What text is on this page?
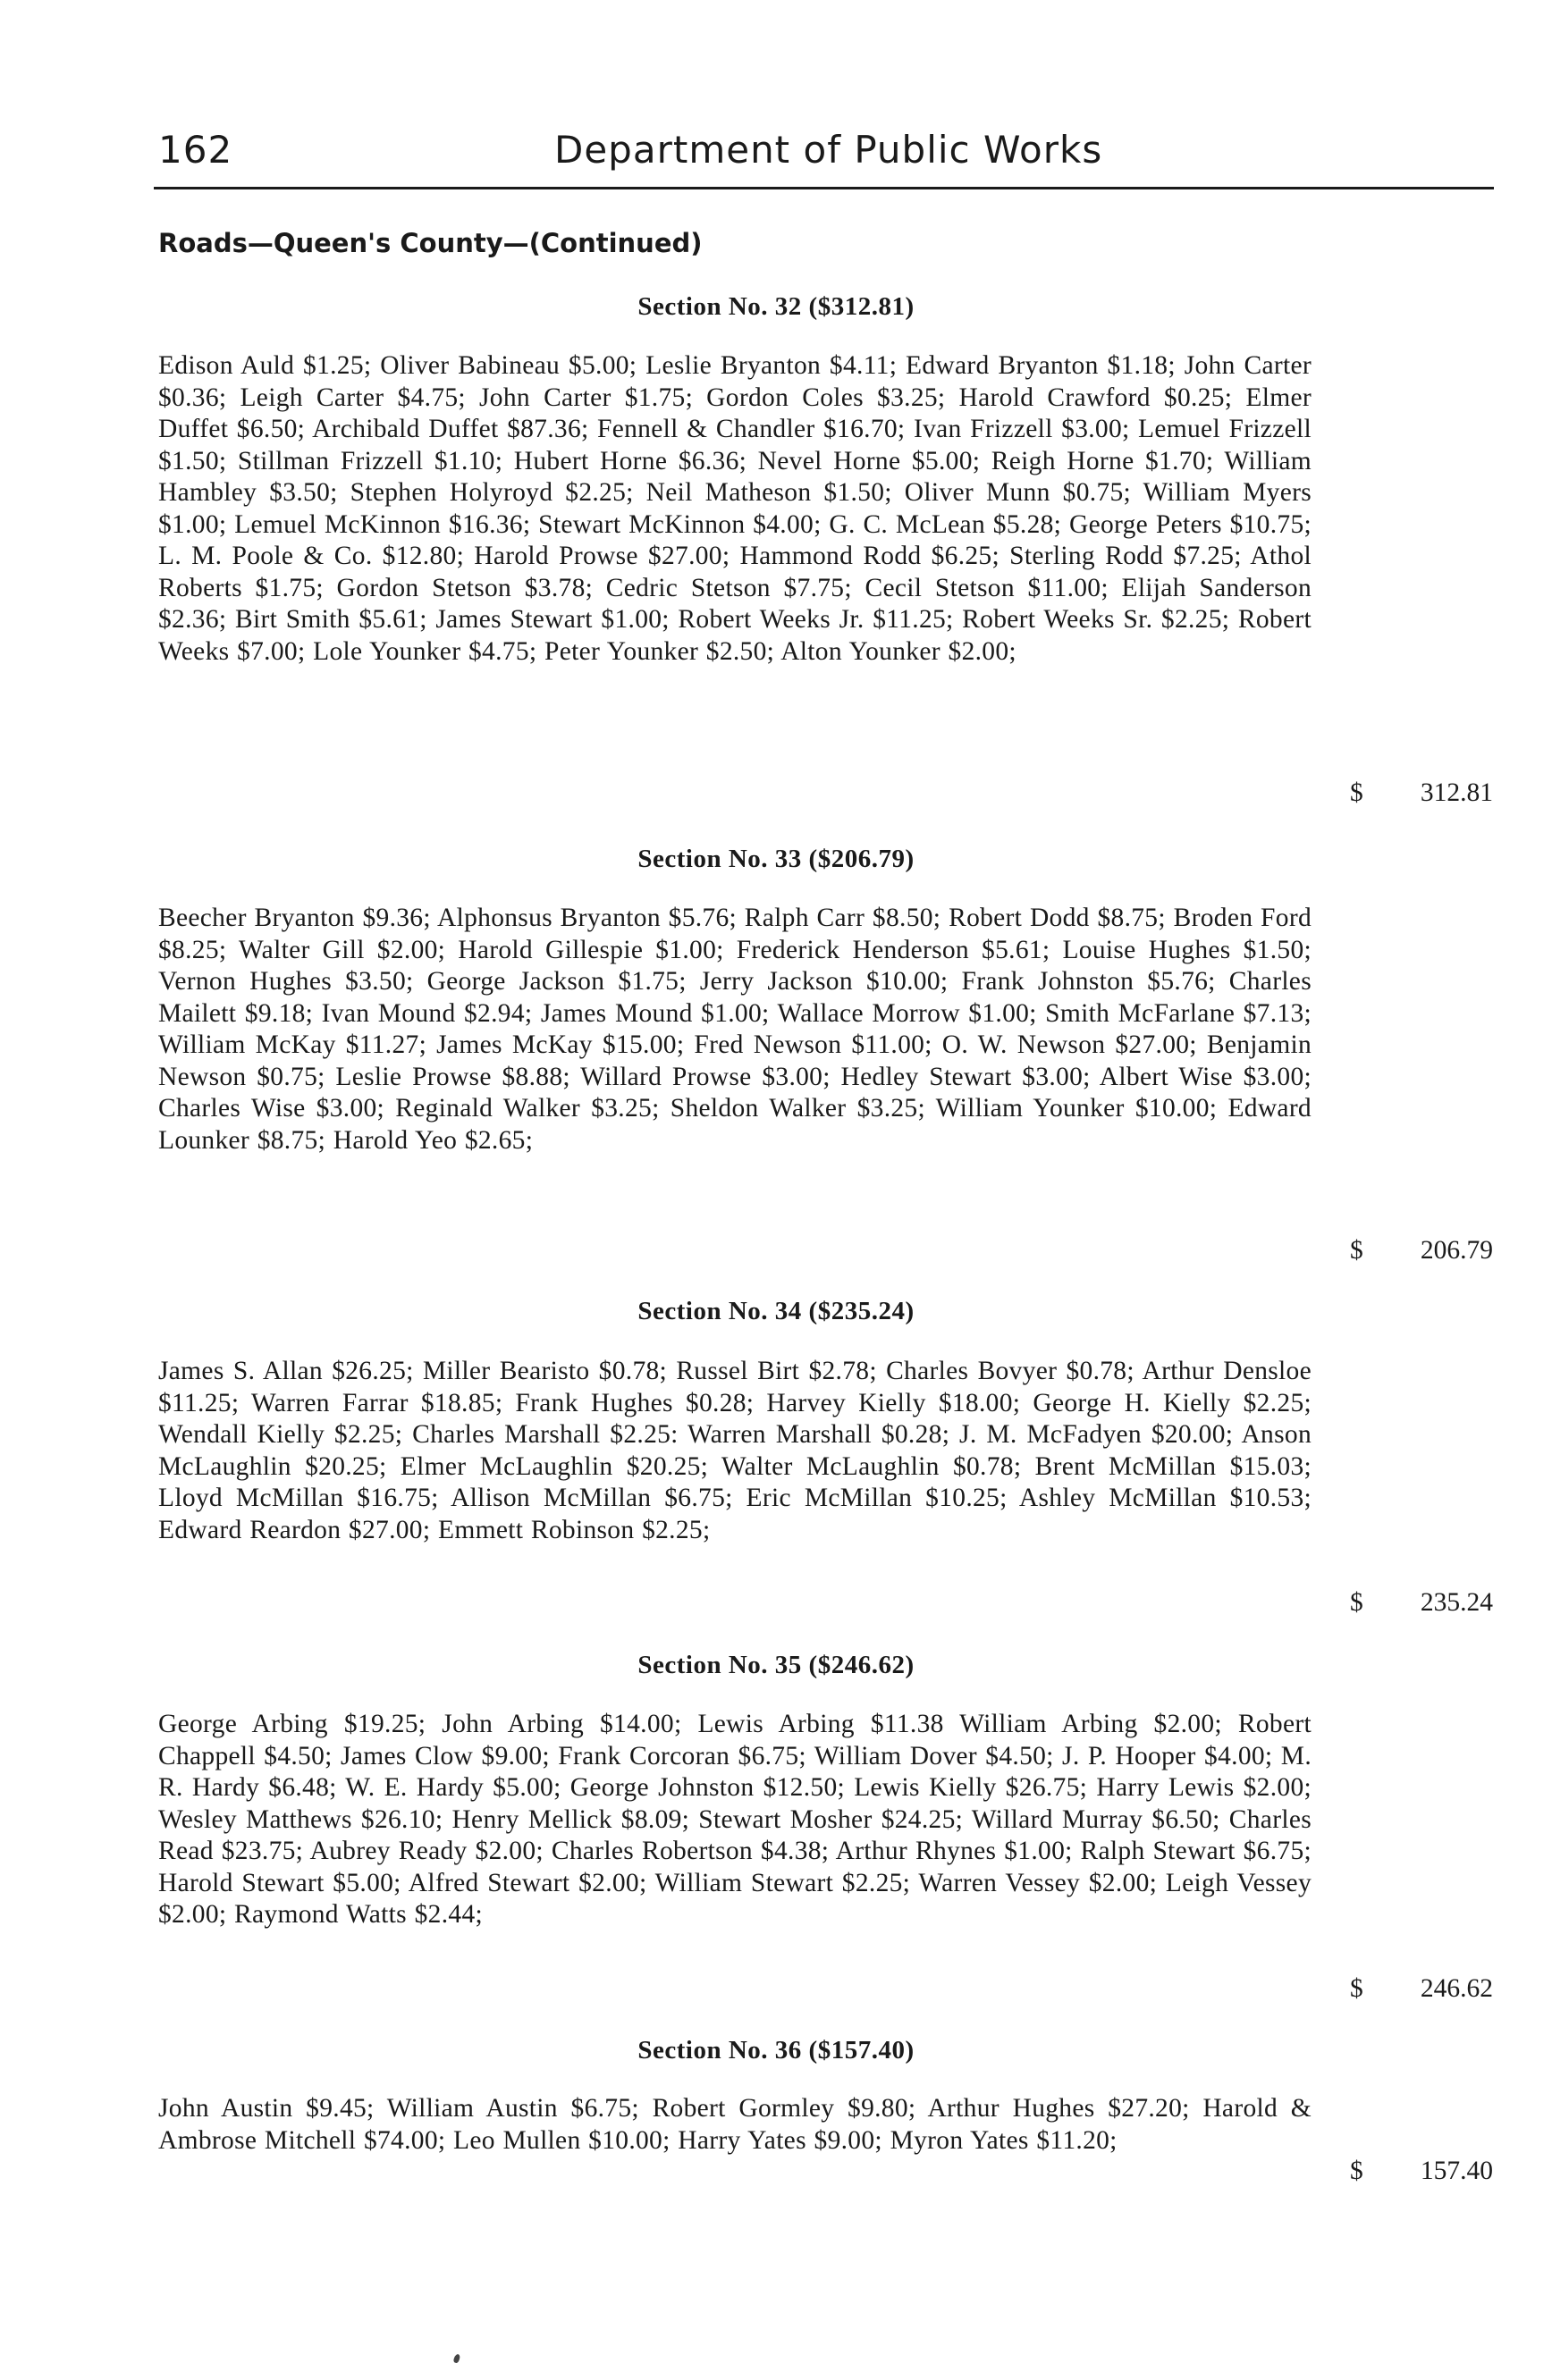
162	Department of Public Works
Roads—Queen's County—(Continued)
Section No. 32 ($312.81)
Edison Auld $1.25; Oliver Babineau $5.00; Leslie Bryanton $4.11; Edward Bryanton $1.18; John Carter $0.36; Leigh Carter $4.75; John Carter $1.75; Gordon Coles $3.25; Harold Crawford $0.25; Elmer Duffet $6.50; Archibald Duffet $87.36; Fennell & Chandler $16.70; Ivan Frizzell $3.00; Lemuel Frizzell $1.50; Stillman Frizzell $1.10; Hubert Horne $6.36; Nevel Horne $5.00; Reigh Horne $1.70; William Hambley $3.50; Stephen Holyroyd $2.25; Neil Matheson $1.50; Oliver Munn $0.75; William Myers $1.00; Lemuel McKinnon $16.36; Stewart McKinnon $4.00; G. C. McLean $5.28; George Peters $10.75; L. M. Poole & Co. $12.80; Harold Prowse $27.00; Hammond Rodd $6.25; Sterling Rodd $7.25; Athol Roberts $1.75; Gordon Stetson $3.78; Cedric Stetson $7.75; Cecil Stetson $11.00; Elijah Sanderson $2.36; Birt Smith $5.61; James Stewart $1.00; Robert Weeks Jr. $11.25; Robert Weeks Sr. $2.25; Robert Weeks $7.00; Lole Younker $4.75; Peter Younker $2.50; Alton Younker $2.00;
$ 312.81
Section No. 33 ($206.79)
Beecher Bryanton $9.36; Alphonsus Bryanton $5.76; Ralph Carr $8.50; Robert Dodd $8.75; Broden Ford $8.25; Walter Gill $2.00; Harold Gillespie $1.00; Frederick Henderson $5.61; Louise Hughes $1.50; Vernon Hughes $3.50; George Jackson $1.75; Jerry Jackson $10.00; Frank Johnston $5.76; Charles Mailett $9.18; Ivan Mound $2.94; James Mound $1.00; Wallace Morrow $1.00; Smith McFarlane $7.13; William McKay $11.27; James McKay $15.00; Fred Newson $11.00; O. W. Newson $27.00; Benjamin Newson $0.75; Leslie Prowse $8.88; Willard Prowse $3.00; Hedley Stewart $3.00; Albert Wise $3.00; Charles Wise $3.00; Reginald Walker $3.25; Sheldon Walker $3.25; William Younker $10.00; Edward Lounker $8.75; Harold Yeo $2.65;
$ 206.79
Section No. 34 ($235.24)
James S. Allan $26.25; Miller Bearisto $0.78; Russel Birt $2.78; Charles Bovyer $0.78; Arthur Densloe $11.25; Warren Farrar $18.85; Frank Hughes $0.28; Harvey Kielly $18.00; George H. Kielly $2.25; Wendall Kielly $2.25; Charles Marshall $2.25: Warren Marshall $0.28; J. M. McFadyen $20.00; Anson McLaughlin $20.25; Elmer McLaughlin $20.25; Walter McLaughlin $0.78; Brent McMillan $15.03; Lloyd McMillan $16.75; Allison McMillan $6.75; Eric McMillan $10.25; Ashley McMillan $10.53; Edward Reardon $27.00; Emmett Robinson $2.25;
$ 235.24
Section No. 35 ($246.62)
George Arbing $19.25; John Arbing $14.00; Lewis Arbing $11.38 William Arbing $2.00; Robert Chappell $4.50; James Clow $9.00; Frank Corcoran $6.75; William Dover $4.50; J. P. Hooper $4.00; M. R. Hardy $6.48; W. E. Hardy $5.00; George Johnston $12.50; Lewis Kielly $26.75; Harry Lewis $2.00; Wesley Matthews $26.10; Henry Mellick $8.09; Stewart Mosher $24.25; Willard Murray $6.50; Charles Read $23.75; Aubrey Ready $2.00; Charles Robertson $4.38; Arthur Rhynes $1.00; Ralph Stewart $6.75; Harold Stewart $5.00; Alfred Stewart $2.00; William Stewart $2.25; Warren Vessey $2.00; Leigh Vessey $2.00; Raymond Watts $2.44;
$ 246.62
Section No. 36 ($157.40)
John Austin $9.45; William Austin $6.75; Robert Gormley $9.80; Arthur Hughes $27.20; Harold & Ambrose Mitchell $74.00; Leo Mullen $10.00; Harry Yates $9.00; Myron Yates $11.20;
$ 157.40
